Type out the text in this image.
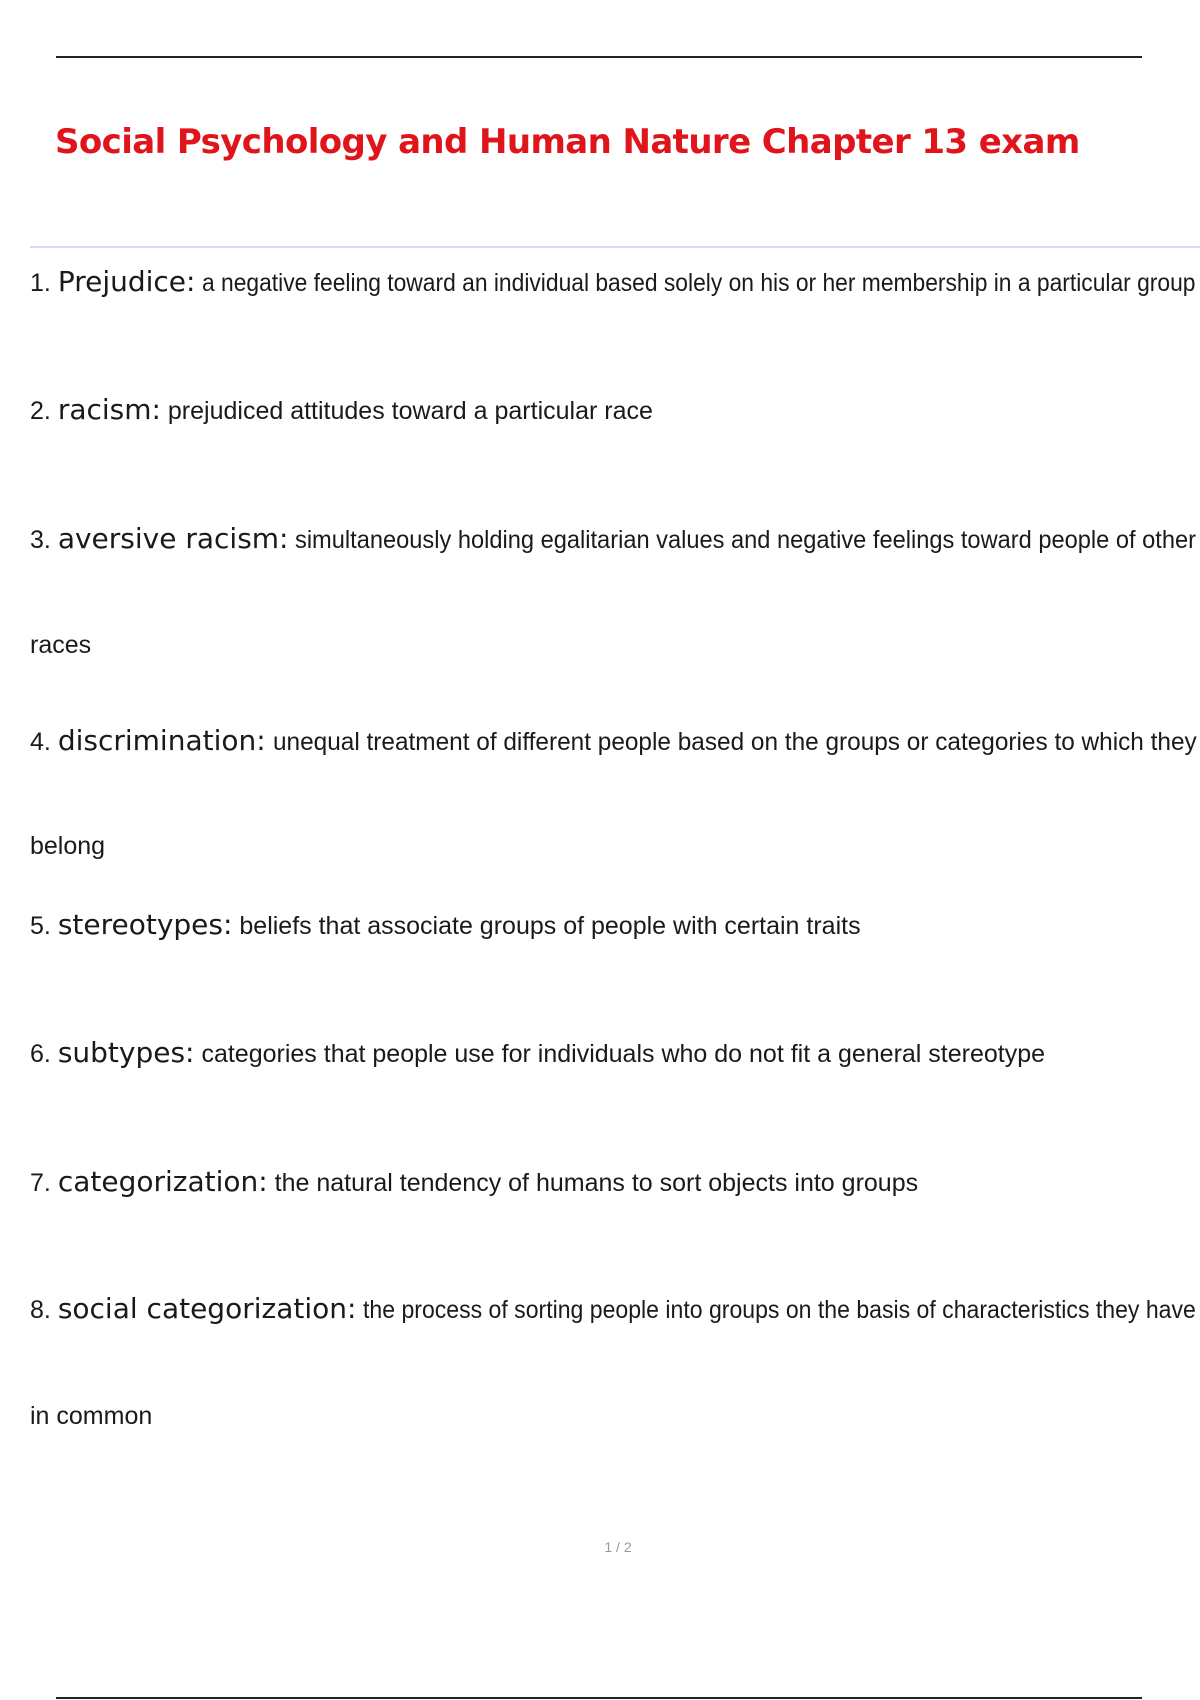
Social Psychology and Human Nature Chapter 13 exam

1. Prejudice: a negative feeling toward an individual based solely on his or her membership in a particular group

2. racism: prejudiced attitudes toward a particular race

3. aversive racism: simultaneously holding egalitarian values and negative feelings toward people of other

races

4. discrimination: unequal treatment of different people based on the groups or categories to which they

belong

5. stereotypes: beliefs that associate groups of people with certain traits

6. subtypes: categories that people use for individuals who do not fit a general stereotype

7. categorization: the natural tendency of humans to sort objects into groups

8. social categorization: the process of sorting people into groups on the basis of characteristics they have

in common

1 / 2
